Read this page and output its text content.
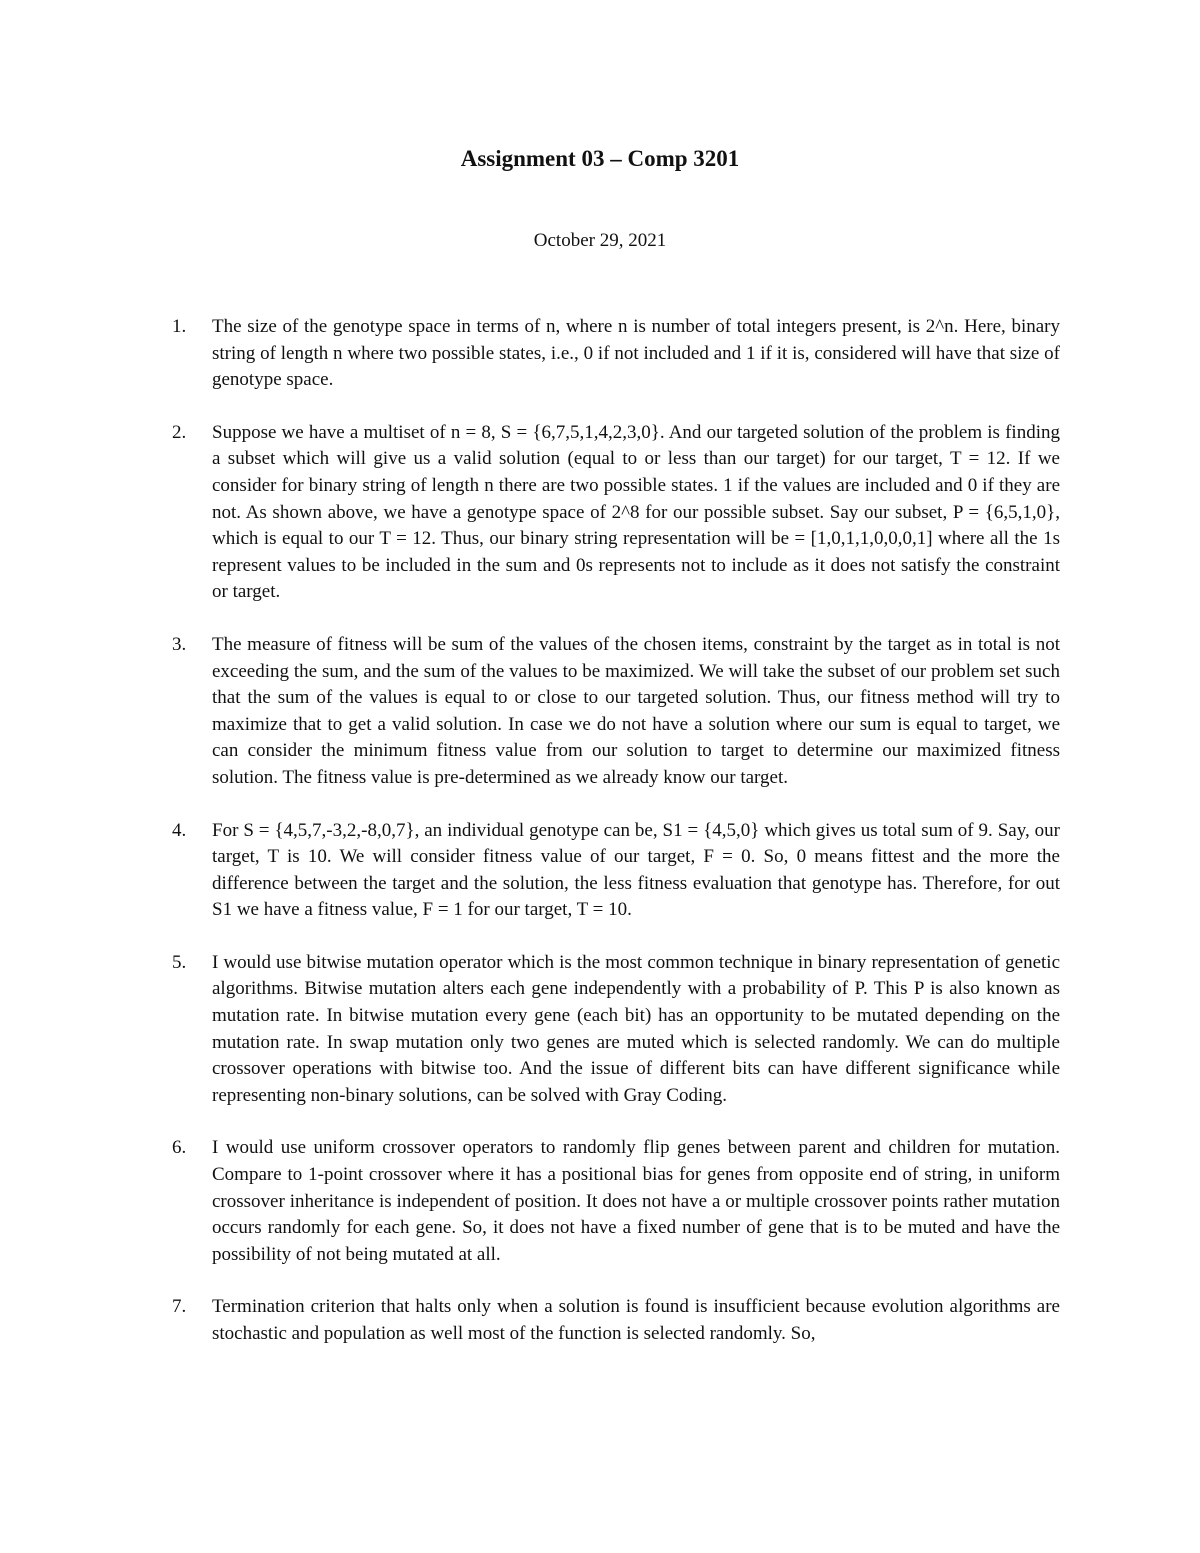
Assignment 03 – Comp 3201

October 29, 2021

1.	The size of the genotype space in terms of n, where n is number of total integers present, is 2^n. Here, binary string of length n where two possible states, i.e., 0 if not included and 1 if it is, considered will have that size of genotype space.

2.	Suppose we have a multiset of n = 8, S = {6,7,5,1,4,2,3,0}. And our targeted solution of the problem is finding a subset which will give us a valid solution (equal to or less than our target) for our target, T = 12. If we consider for binary string of length n there are two possible states. 1 if the values are included and 0 if they are not. As shown above, we have a genotype space of 2^8 for our possible subset. Say our subset, P = {6,5,1,0}, which is equal to our T = 12. Thus, our binary string representation will be = [1,0,1,1,0,0,0,1] where all the 1s represent values to be included in the sum and 0s represents not to include as it does not satisfy the constraint or target.

3.	The measure of fitness will be sum of the values of the chosen items, constraint by the target as in total is not exceeding the sum, and the sum of the values to be maximized. We will take the subset of our problem set such that the sum of the values is equal to or close to our targeted solution. Thus, our fitness method will try to maximize that to get a valid solution. In case we do not have a solution where our sum is equal to target, we can consider the minimum fitness value from our solution to target to determine our maximized fitness solution. The fitness value is pre-determined as we already know our target.

4.	For S = {4,5,7,-3,2,-8,0,7}, an individual genotype can be, S1 = {4,5,0} which gives us total sum of 9. Say, our target, T is 10. We will consider fitness value of our target, F = 0. So, 0 means fittest and the more the difference between the target and the solution, the less fitness evaluation that genotype has. Therefore, for out S1 we have a fitness value, F = 1 for our target, T = 10.

5.	I would use bitwise mutation operator which is the most common technique in binary representation of genetic algorithms. Bitwise mutation alters each gene independently with a probability of P. This P is also known as mutation rate. In bitwise mutation every gene (each bit) has an opportunity to be mutated depending on the mutation rate. In swap mutation only two genes are muted which is selected randomly. We can do multiple crossover operations with bitwise too. And the issue of different bits can have different significance while representing non-binary solutions, can be solved with Gray Coding.

6.	I would use uniform crossover operators to randomly flip genes between parent and children for mutation. Compare to 1-point crossover where it has a positional bias for genes from opposite end of string, in uniform crossover inheritance is independent of position. It does not have a or multiple crossover points rather mutation occurs randomly for each gene. So, it does not have a fixed number of gene that is to be muted and have the possibility of not being mutated at all.

7.	Termination criterion that halts only when a solution is found is insufficient because evolution algorithms are stochastic and population as well most of the function is selected randomly. So,
